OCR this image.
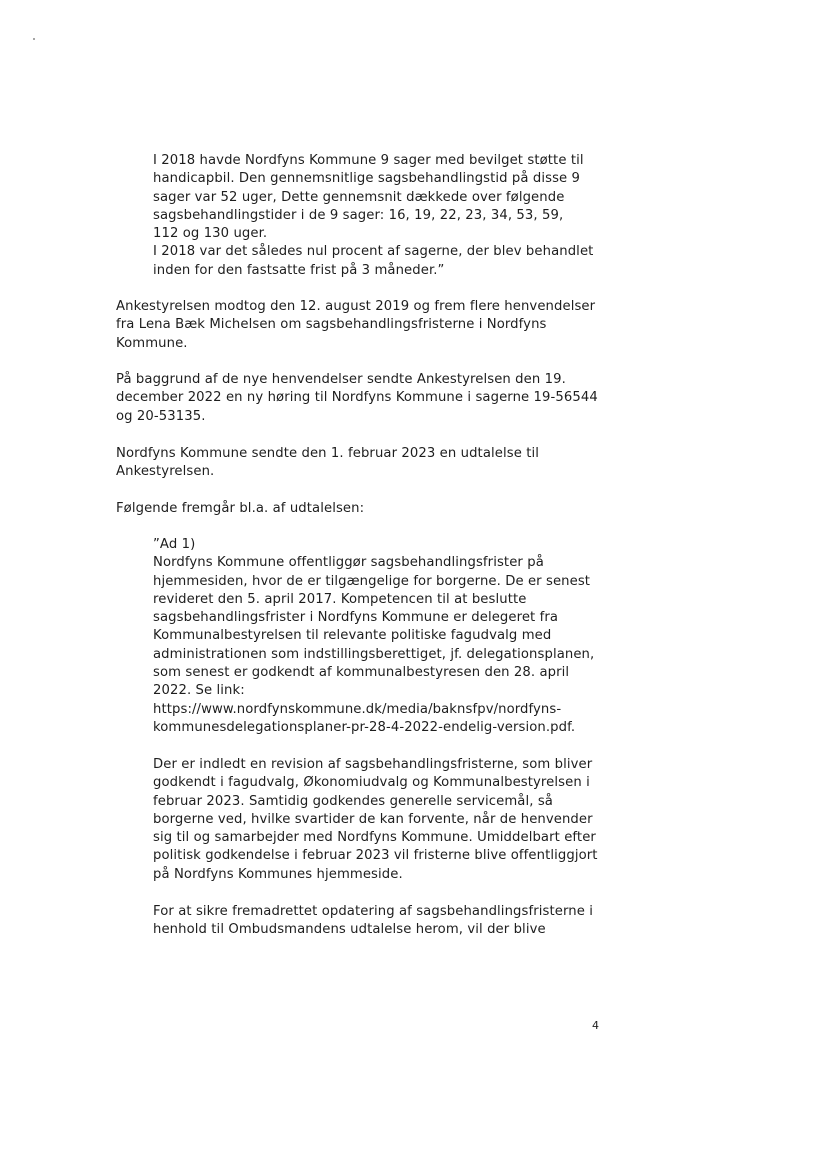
I 2018 havde Nordfyns Kommune 9 sager med bevilget støtte til
handicapbil. Den gennemsnitlige sagsbehandlingstid på disse 9
sager var 52 uger, Dette gennemsnit dækkede over følgende
sagsbehandlingstider i de 9 sager: 16, 19, 22, 23, 34, 53, 59,
112 og 130 uger.
I 2018 var det således nul procent af sagerne, der blev behandlet
inden for den fastsatte frist på 3 måneder.”

Ankestyrelsen modtog den 12. august 2019 og frem flere henvendelser
fra Lena Bæk Michelsen om sagsbehandlingsfristerne i Nordfyns
Kommune.

På baggrund af de nye henvendelser sendte Ankestyrelsen den 19.
december 2022 en ny høring til Nordfyns Kommune i sagerne 19-56544
og 20-53135.

Nordfyns Kommune sendte den 1. februar 2023 en udtalelse til
Ankestyrelsen.

Følgende fremgår bl.a. af udtalelsen:

”Ad 1)
Nordfyns Kommune offentliggør sagsbehandlingsfrister på
hjemmesiden, hvor de er tilgængelige for borgerne. De er senest
revideret den 5. april 2017. Kompetencen til at beslutte
sagsbehandlingsfrister i Nordfyns Kommune er delegeret fra
Kommunalbestyrelsen til relevante politiske fagudvalg med
administrationen som indstillingsberettiget, jf. delegationsplanen,
som senest er godkendt af kommunalbestyresen den 28. april
2022. Se link:
https://www.nordfynskommune.dk/media/baknsfpv/nordfyns-
kommunesdelegationsplaner-pr-28-4-2022-endelig-version.pdf.

Der er indledt en revision af sagsbehandlingsfristerne, som bliver
godkendt i fagudvalg, Økonomiudvalg og Kommunalbestyrelsen i
februar 2023. Samtidig godkendes generelle servicemål, så
borgerne ved, hvilke svartider de kan forvente, når de henvender
sig til og samarbejder med Nordfyns Kommune. Umiddelbart efter
politisk godkendelse i februar 2023 vil fristerne blive offentliggjort
på Nordfyns Kommunes hjemmeside.

For at sikre fremadrettet opdatering af sagsbehandlingsfristerne i
henhold til Ombudsmandens udtalelse herom, vil der blive

4
